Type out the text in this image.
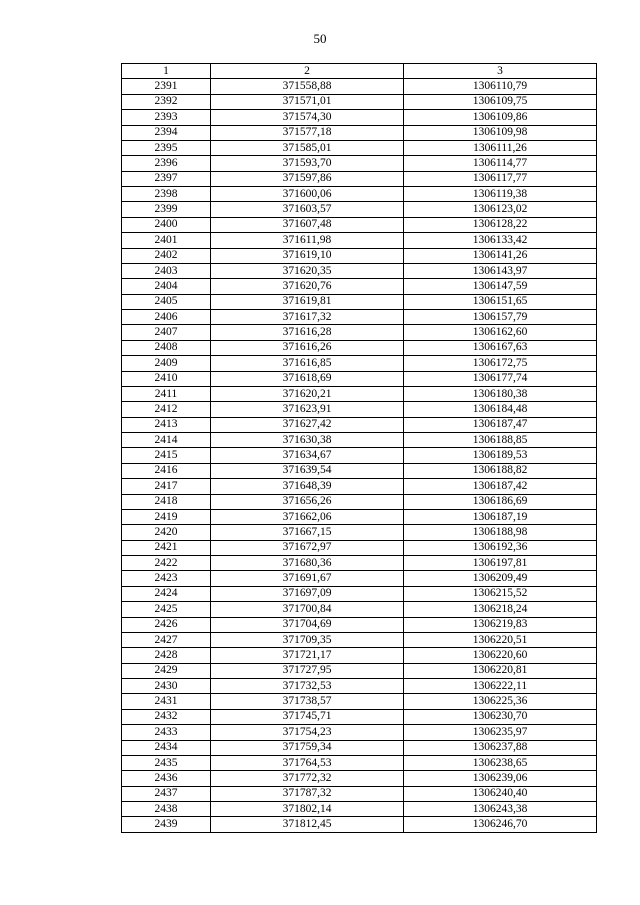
50
1	2	3
2391	371558,88	1306110,79
2392	371571,01	1306109,75
2393	371574,30	1306109,86
2394	371577,18	1306109,98
2395	371585,01	1306111,26
2396	371593,70	1306114,77
2397	371597,86	1306117,77
2398	371600,06	1306119,38
2399	371603,57	1306123,02
2400	371607,48	1306128,22
2401	371611,98	1306133,42
2402	371619,10	1306141,26
2403	371620,35	1306143,97
2404	371620,76	1306147,59
2405	371619,81	1306151,65
2406	371617,32	1306157,79
2407	371616,28	1306162,60
2408	371616,26	1306167,63
2409	371616,85	1306172,75
2410	371618,69	1306177,74
2411	371620,21	1306180,38
2412	371623,91	1306184,48
2413	371627,42	1306187,47
2414	371630,38	1306188,85
2415	371634,67	1306189,53
2416	371639,54	1306188,82
2417	371648,39	1306187,42
2418	371656,26	1306186,69
2419	371662,06	1306187,19
2420	371667,15	1306188,98
2421	371672,97	1306192,36
2422	371680,36	1306197,81
2423	371691,67	1306209,49
2424	371697,09	1306215,52
2425	371700,84	1306218,24
2426	371704,69	1306219,83
2427	371709,35	1306220,51
2428	371721,17	1306220,60
2429	371727,95	1306220,81
2430	371732,53	1306222,11
2431	371738,57	1306225,36
2432	371745,71	1306230,70
2433	371754,23	1306235,97
2434	371759,34	1306237,88
2435	371764,53	1306238,65
2436	371772,32	1306239,06
2437	371787,32	1306240,40
2438	371802,14	1306243,38
2439	371812,45	1306246,70
